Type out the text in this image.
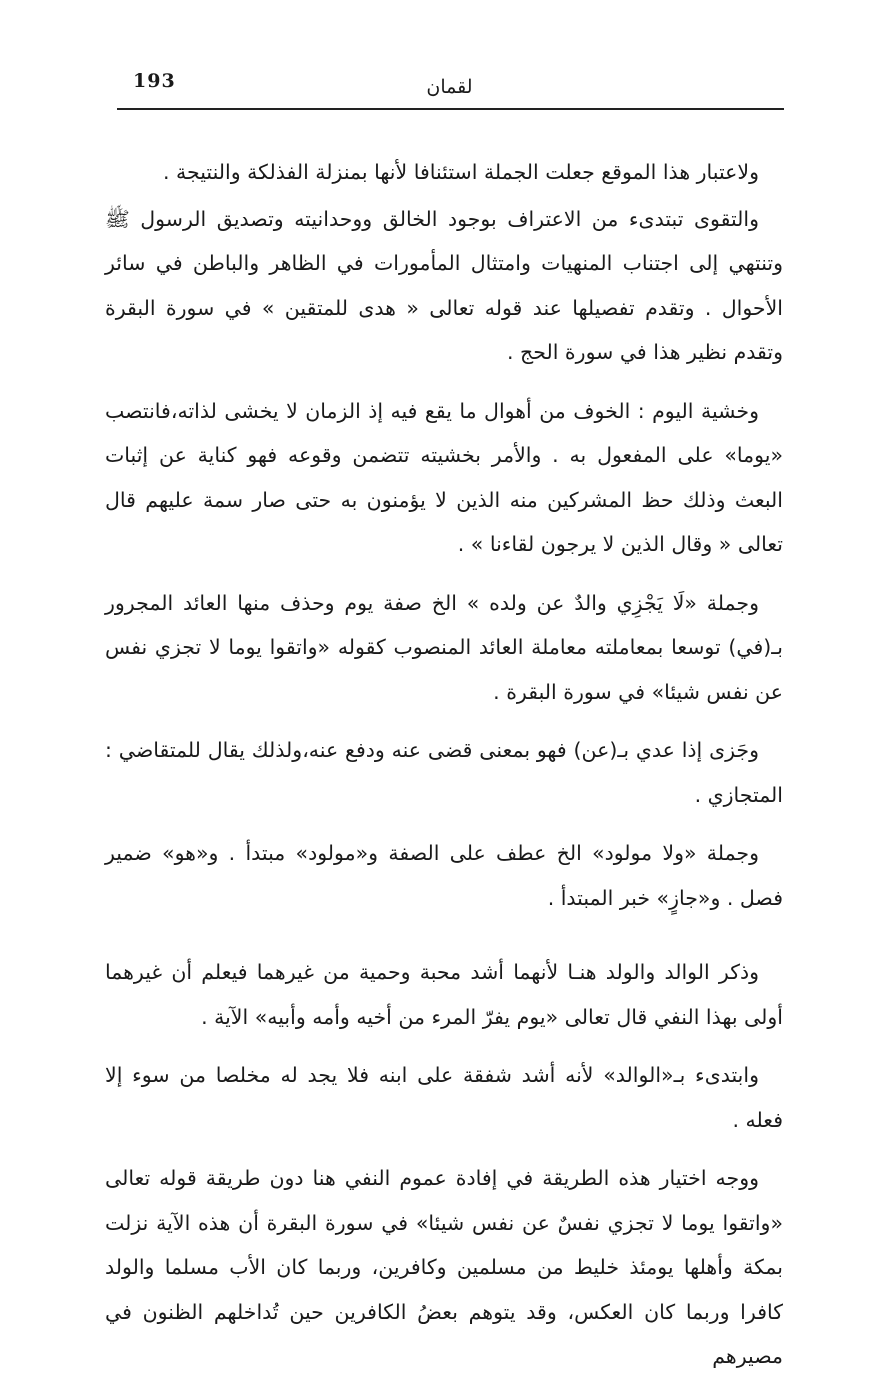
193	لقمان

ولاعتبار هذا الموقع جعلت الجملة استئنافا لأنها بمنزلة الفذلكة والنتيجة .

والتقوى تبتدىء من الاعتراف بوجود الخالق ووحدانيته وتصديق الرسول ﷺ وتنتهي إلى اجتناب المنهيات وامتثال المأمورات في الظاهر والباطن في سائر الأحوال . وتقدم تفصيلها عند قوله تعالى « هدى للمتقين » في سورة البقرة وتقدم نظير هذا في سورة الحج .

وخشية اليوم : الخوف من أهوال ما يقع فيه إذ الزمان لا يخشى لذاته،فانتصب «يوما» على المفعول به . والأمر بخشيته تتضمن وقوعه فهو كناية عن إثبات البعث وذلك حظ المشركين منه الذين لا يؤمنون به حتى صار سمة عليهم قال تعالى « وقال الذين لا يرجون لقاءنا » .

وجملة «لَا يَجْزِي والدٌ عن ولده » الخ صفة يوم وحذف منها العائد المجرور بـ(في) توسعا بمعاملته معاملة العائد المنصوب كقوله «واتقوا يوما لا تجزي نفس عن نفس شيئا» في سورة البقرة .

وجَزى إذا عدي بـ(عن) فهو بمعنى قضى عنه ودفع عنه،ولذلك يقال للمتقاضي : المتجازي .

وجملة «ولا مولود» الخ عطف على الصفة و«مولود» مبتدأ . و«هو» ضمير فصل . و«جازٍ» خبر المبتدأ .

وذكر الوالد والولد هنـا لأنهما أشد محبة وحمية من غيرهما فيعلم أن غيرهما أولى بهذا النفي قال تعالى «يوم يفرّ المرء من أخيه وأمه وأبيه» الآية .

وابتدىء بـ«الوالد» لأنه أشد شفقة على ابنه فلا يجد له مخلصا من سوء إلا فعله .

ووجه اختيار هذه الطريقة في إفادة عموم النفي هنا دون طريقة قوله تعالى «واتقوا يوما لا تجزي نفسٌ عن نفس شيئا» في سورة البقرة أن هذه الآية نزلت بمكة وأهلها يومئذ خليط من مسلمين وكافرين، وربما كان الأب مسلما والولد كافرا وربما كان العكس، وقد يتوهم بعضُ الكافرين حين تُداخلهم الظنون في مصيرهم
